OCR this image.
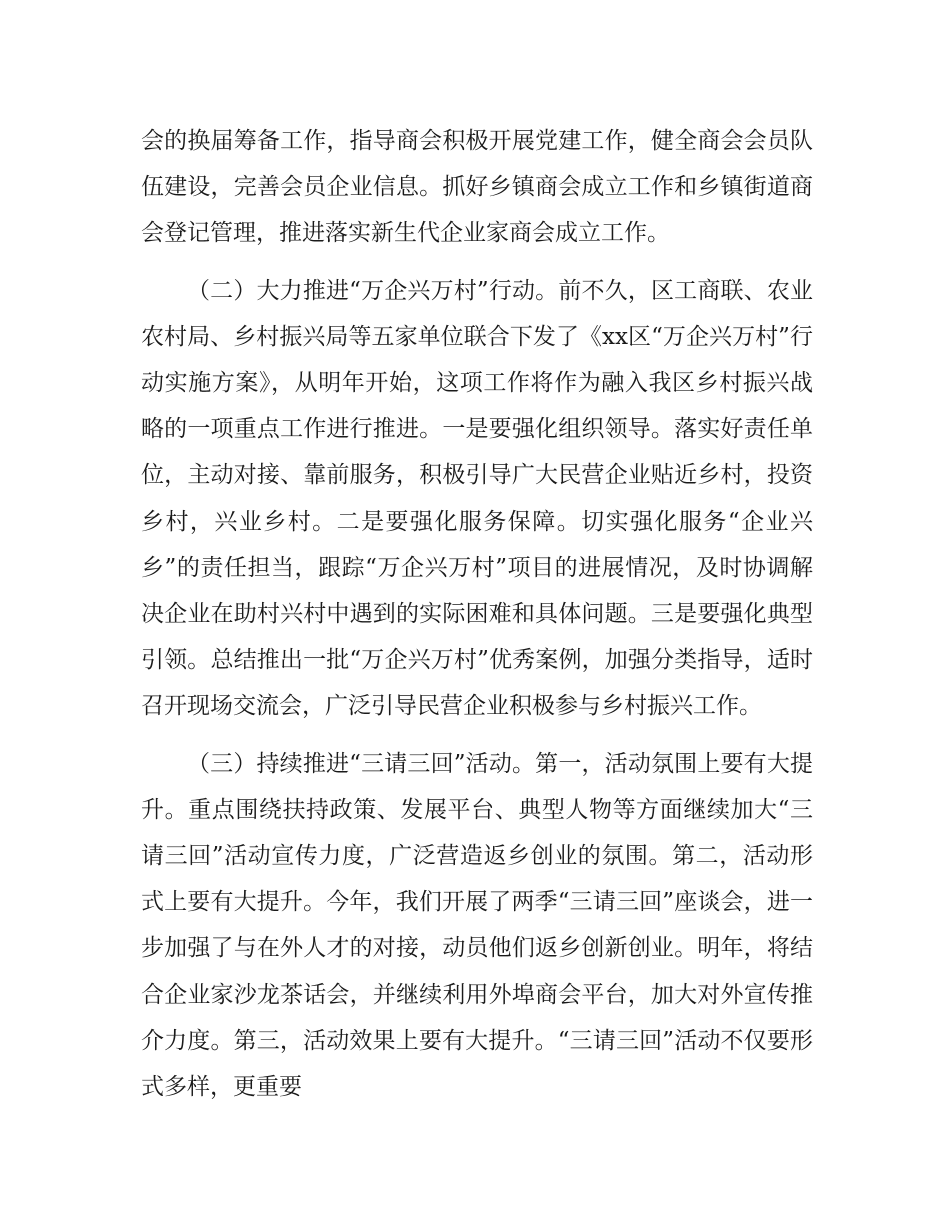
会的换届筹备工作，指导商会积极开展党建工作，健全商会会员队伍建设，完善会员企业信息。抓好乡镇商会成立工作和乡镇街道商会登记管理，推进落实新生代企业家商会成立工作。

（二）大力推进“万企兴万村”行动。前不久，区工商联、农业农村局、乡村振兴局等五家单位联合下发了《xx区“万企兴万村”行动实施方案》，从明年开始，这项工作将作为融入我区乡村振兴战略的一项重点工作进行推进。一是要强化组织领导。落实好责任单位，主动对接、靠前服务，积极引导广大民营企业贴近乡村，投资乡村，兴业乡村。二是要强化服务保障。切实强化服务“企业兴乡”的责任担当，跟踪“万企兴万村”项目的进展情况，及时协调解决企业在助村兴村中遇到的实际困难和具体问题。三是要强化典型引领。总结推出一批“万企兴万村”优秀案例，加强分类指导，适时召开现场交流会，广泛引导民营企业积极参与乡村振兴工作。

（三）持续推进“三请三回”活动。第一，活动氛围上要有大提升。重点围绕扶持政策、发展平台、典型人物等方面继续加大“三请三回”活动宣传力度，广泛营造返乡创业的氛围。第二，活动形式上要有大提升。今年，我们开展了两季“三请三回”座谈会，进一步加强了与在外人才的对接，动员他们返乡创新创业。明年，将结合企业家沙龙茶话会，并继续利用外埠商会平台，加大对外宣传推介力度。第三，活动效果上要有大提升。“三请三回”活动不仅要形式多样，更重要
